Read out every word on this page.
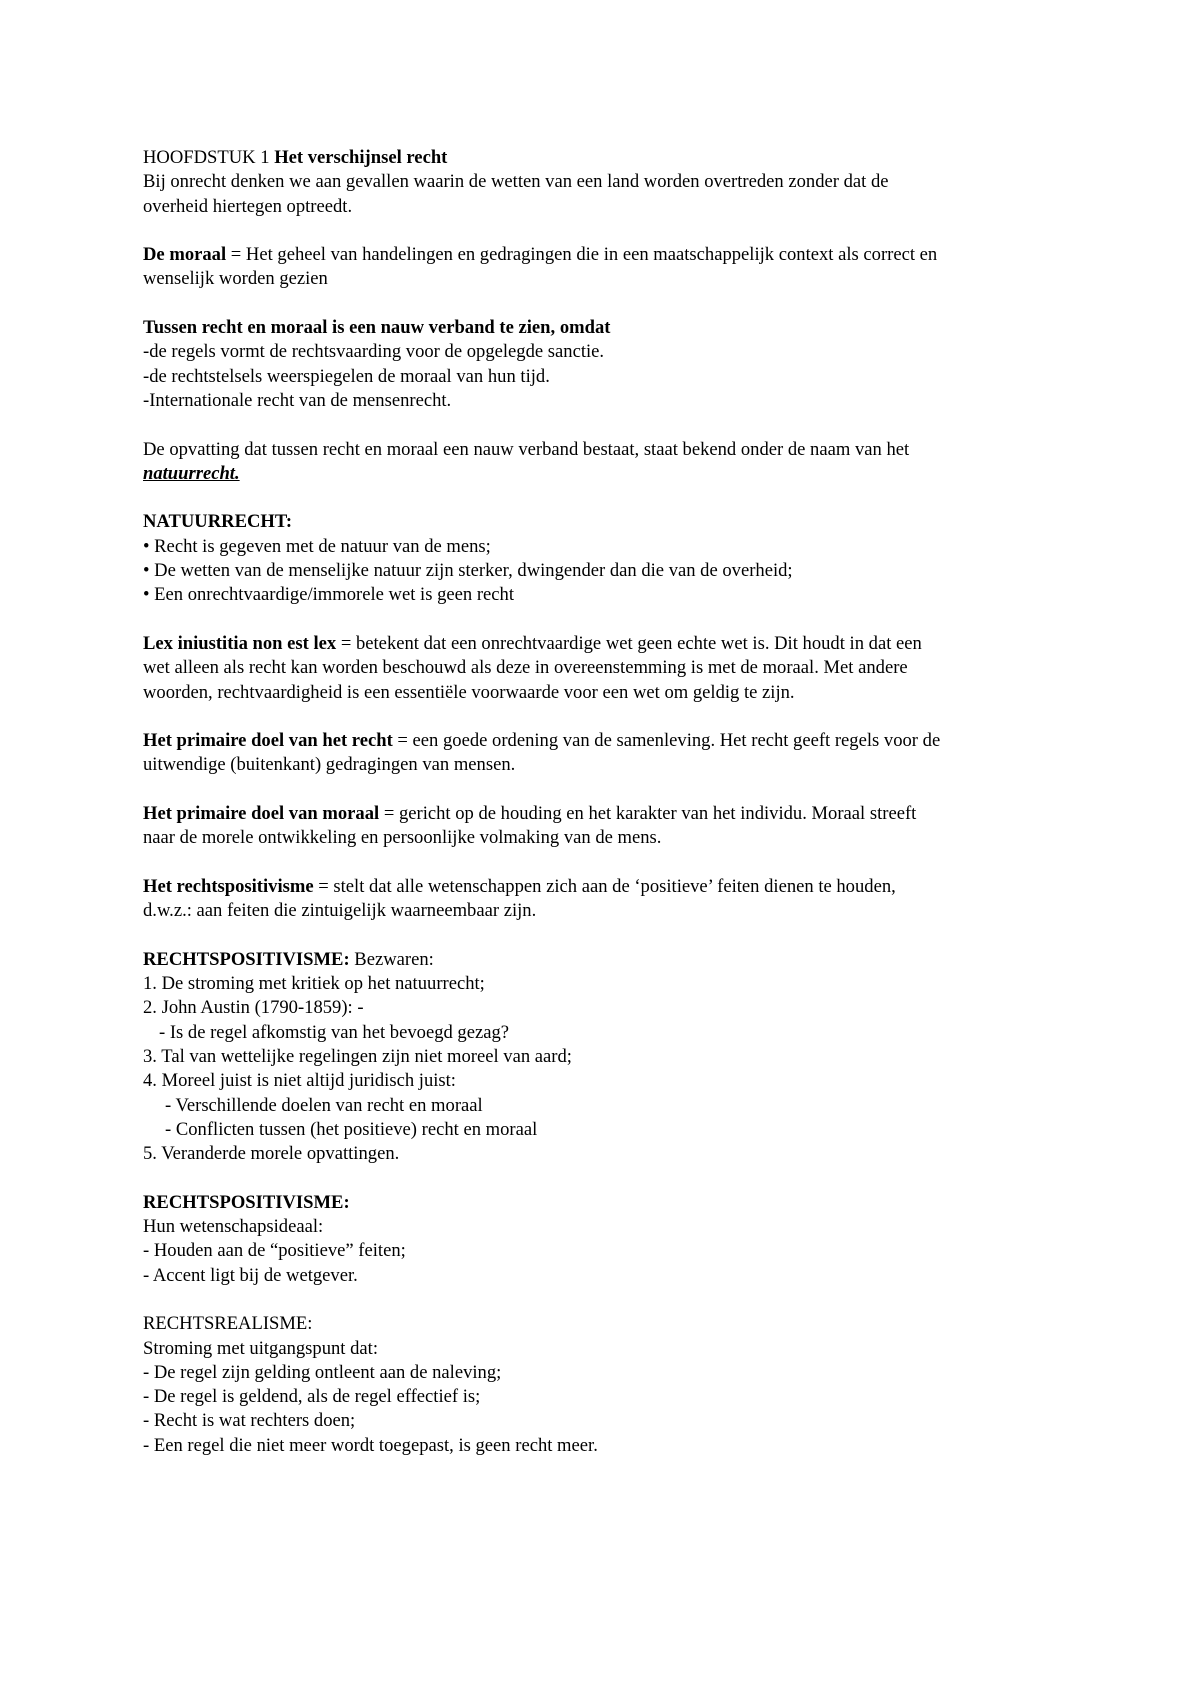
HOOFDSTUK 1 Het verschijnsel recht

Bij onrecht denken we aan gevallen waarin de wetten van een land worden overtreden zonder dat de

overheid hiertegen optreedt.

De moraal = Het geheel van handelingen en gedragingen die in een maatschappelijk context als correct en

wenselijk worden gezien

Tussen recht en moraal is een nauw verband te zien, omdat

-de regels vormt de rechtsvaarding voor de opgelegde sanctie.

-de rechtstelsels weerspiegelen de moraal van hun tijd.

-Internationale recht van de mensenrecht.

De opvatting dat tussen recht en moraal een nauw verband bestaat, staat bekend onder de naam van het

natuurrecht.

NATUURRECHT:

• Recht is gegeven met de natuur van de mens;

• De wetten van de menselijke natuur zijn sterker, dwingender dan die van de overheid;

• Een onrechtvaardige/immorele wet is geen recht

Lex iniustitia non est lex = betekent dat een onrechtvaardige wet geen echte wet is. Dit houdt in dat een

wet alleen als recht kan worden beschouwd als deze in overeenstemming is met de moraal. Met andere

woorden, rechtvaardigheid is een essentiële voorwaarde voor een wet om geldig te zijn.

Het primaire doel van het recht = een goede ordening van de samenleving. Het recht geeft regels voor de

uitwendige (buitenkant) gedragingen van mensen.

Het primaire doel van moraal = gericht op de houding en het karakter van het individu. Moraal streeft

naar de morele ontwikkeling en persoonlijke volmaking van de mens.

Het rechtspositivisme = stelt dat alle wetenschappen zich aan de ‘positieve’ feiten dienen te houden,

d.w.z.: aan feiten die zintuigelijk waarneembaar zijn.

RECHTSPOSITIVISME: Bezwaren:

1. De stroming met kritiek op het natuurrecht;

2. John Austin (1790-1859): -

- Is de regel afkomstig van het bevoegd gezag?

3. Tal van wettelijke regelingen zijn niet moreel van aard;

4. Moreel juist is niet altijd juridisch juist:

- Verschillende doelen van recht en moraal

- Conflicten tussen (het positieve) recht en moraal

5. Veranderde morele opvattingen.

RECHTSPOSITIVISME:

Hun wetenschapsideaal:

- Houden aan de “positieve” feiten;

- Accent ligt bij de wetgever.

RECHTSREALISME:

Stroming met uitgangspunt dat:

- De regel zijn gelding ontleent aan de naleving;

- De regel is geldend, als de regel effectief is;

- Recht is wat rechters doen;

- Een regel die niet meer wordt toegepast, is geen recht meer.
